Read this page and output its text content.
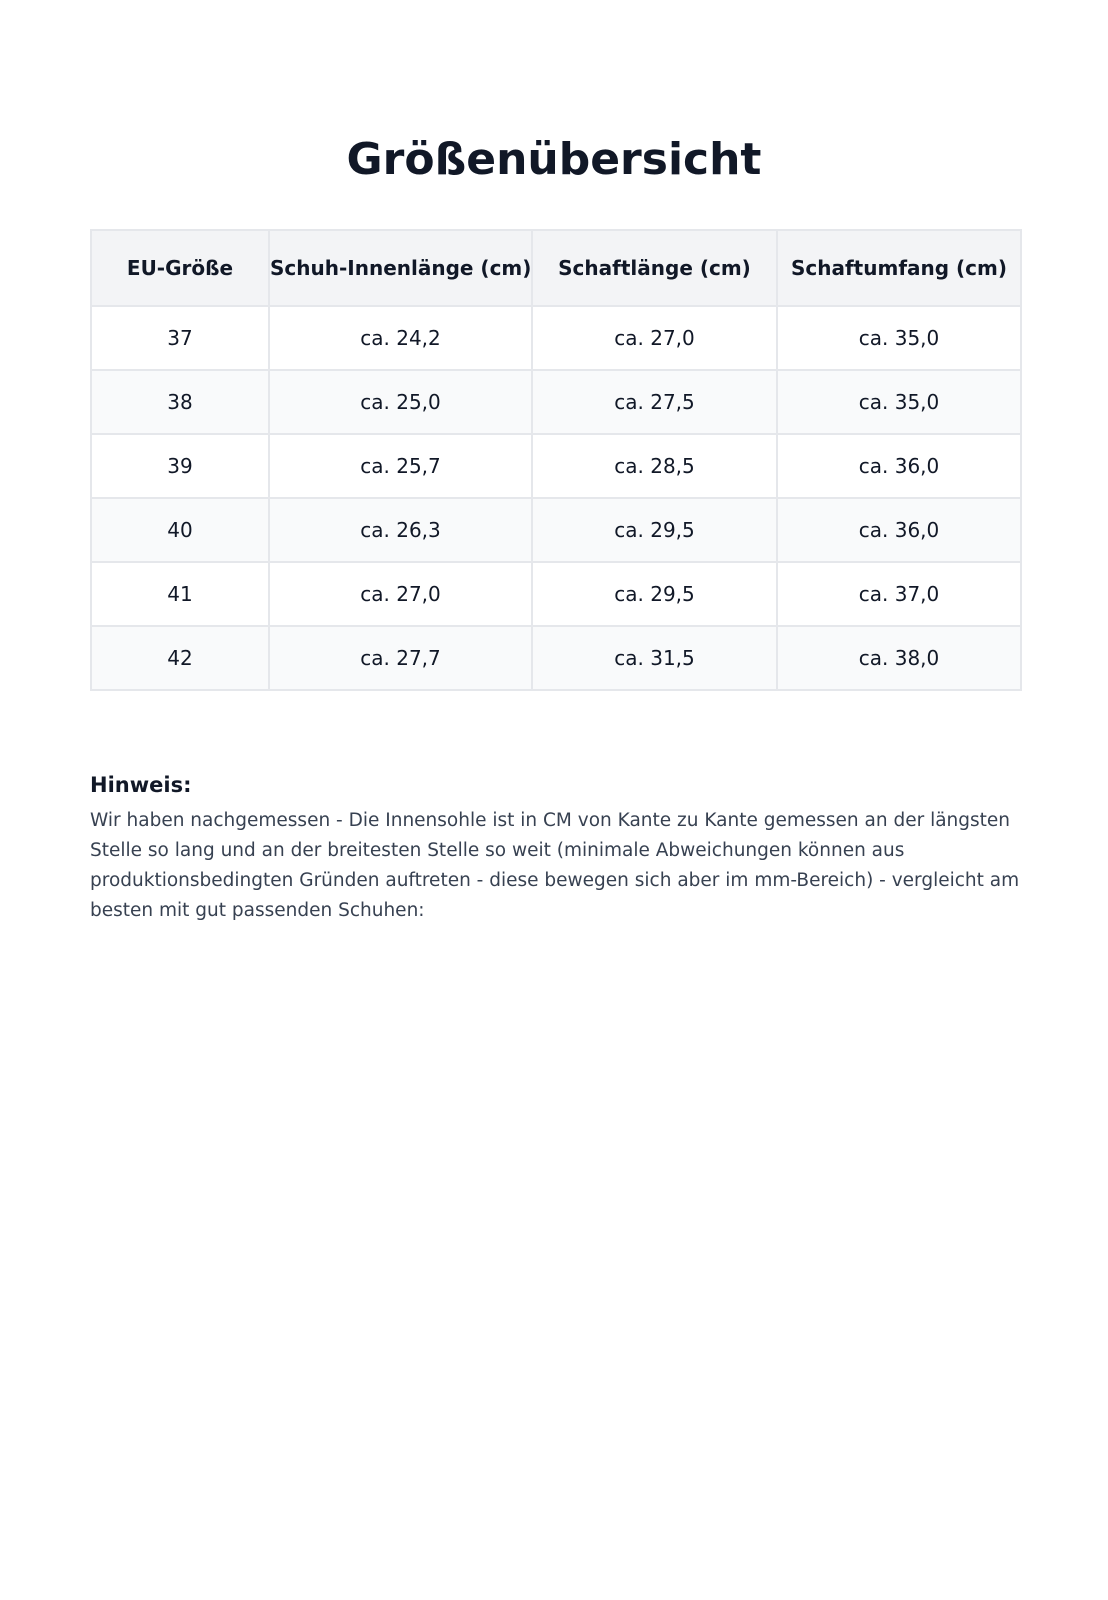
Größenübersicht
EU-Größe	Schuh-Innenlänge (cm)	Schaftlänge (cm)	Schaftumfang (cm)
37	ca. 24,2	ca. 27,0	ca. 35,0
38	ca. 25,0	ca. 27,5	ca. 35,0
39	ca. 25,7	ca. 28,5	ca. 36,0
40	ca. 26,3	ca. 29,5	ca. 36,0
41	ca. 27,0	ca. 29,5	ca. 37,0
42	ca. 27,7	ca. 31,5	ca. 38,0
Hinweis:

Wir haben nachgemessen - Die Innensohle ist in CM von Kante zu Kante gemessen an der längsten Stelle so lang und an der breitesten Stelle so weit (minimale Abweichungen können aus produktionsbedingten Gründen auftreten - diese bewegen sich aber im mm-Bereich) - vergleicht am besten mit gut passenden Schuhen:
